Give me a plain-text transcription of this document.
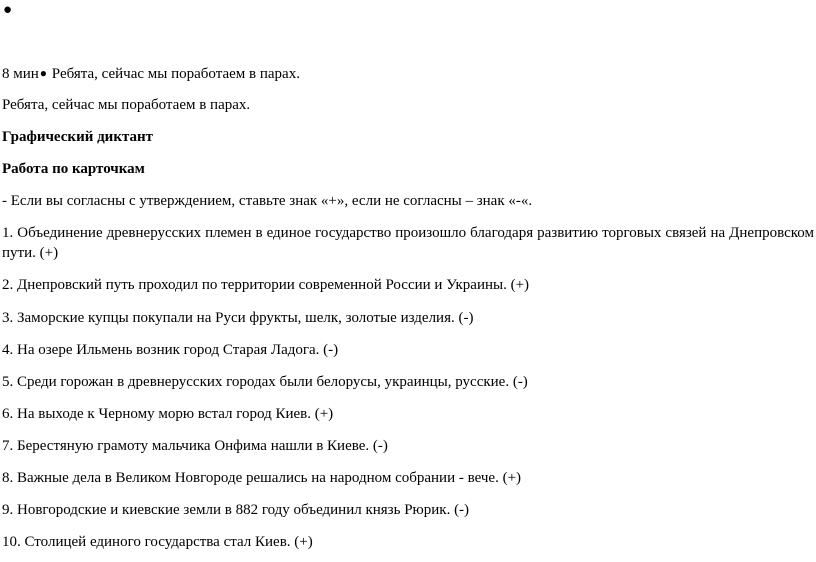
●
8 мин● Ребята, сейчас мы поработаем в парах.
Ребята, сейчас мы поработаем в парах.
Графический диктант
Работа по карточкам
- Если вы согласны с утверждением, ставьте знак «+», если не согласны – знак «-«.
1. Объединение древнерусских племен в единое государство произошло благодаря развитию торговых связей на Днепровском пути. (+)
2. Днепровский путь проходил по территории современной России и Украины. (+)
3. Заморские купцы покупали на Руси фрукты, шелк, золотые изделия. (-)
4. На озере Ильмень возник город Старая Ладога. (-)
5. Среди горожан в древнерусских городах были белорусы, украинцы, русские. (-)
6. На выходе к Черному морю встал город Киев. (+)
7. Берестяную грамоту мальчика Онфима нашли в Киеве. (-)
8. Важные дела в Великом Новгороде решались на народном собрании - вече. (+)
9. Новгородские и киевские земли в 882 году объединил князь Рюрик. (-)
10. Столицей единого государства стал Киев. (+)
